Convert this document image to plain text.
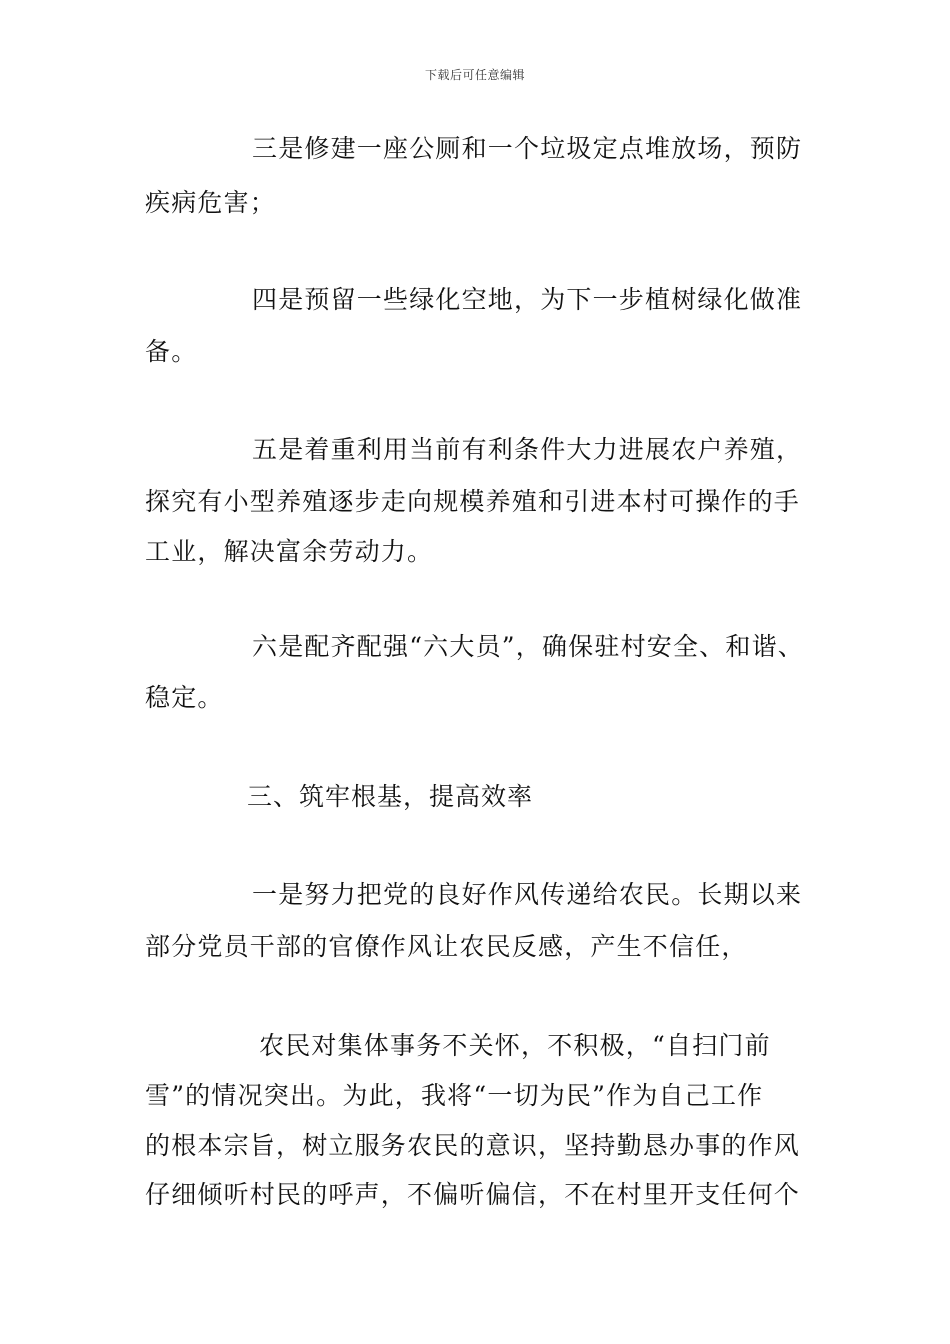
下载后可任意编辑
三是修建一座公厕和一个垃圾定点堆放场，预防
疾病危害；
四是预留一些绿化空地，为下一步植树绿化做准
备。
五是着重利用当前有利条件大力进展农户养殖，
探究有小型养殖逐步走向规模养殖和引进本村可操作的手
工业，解决富余劳动力。
六是配齐配强“六大员”，确保驻村安全、和谐、
稳定。
三、筑牢根基，提高效率
一是努力把党的良好作风传递给农民。长期以来
部分党员干部的官僚作风让农民反感，产生不信任，
农民对集体事务不关怀，不积极，“自扫门前
雪”的情况突出。为此，我将“一切为民”作为自己工作
的根本宗旨，树立服务农民的意识，坚持勤恳办事的作风
仔细倾听村民的呼声，不偏听偏信，不在村里开支任何个
